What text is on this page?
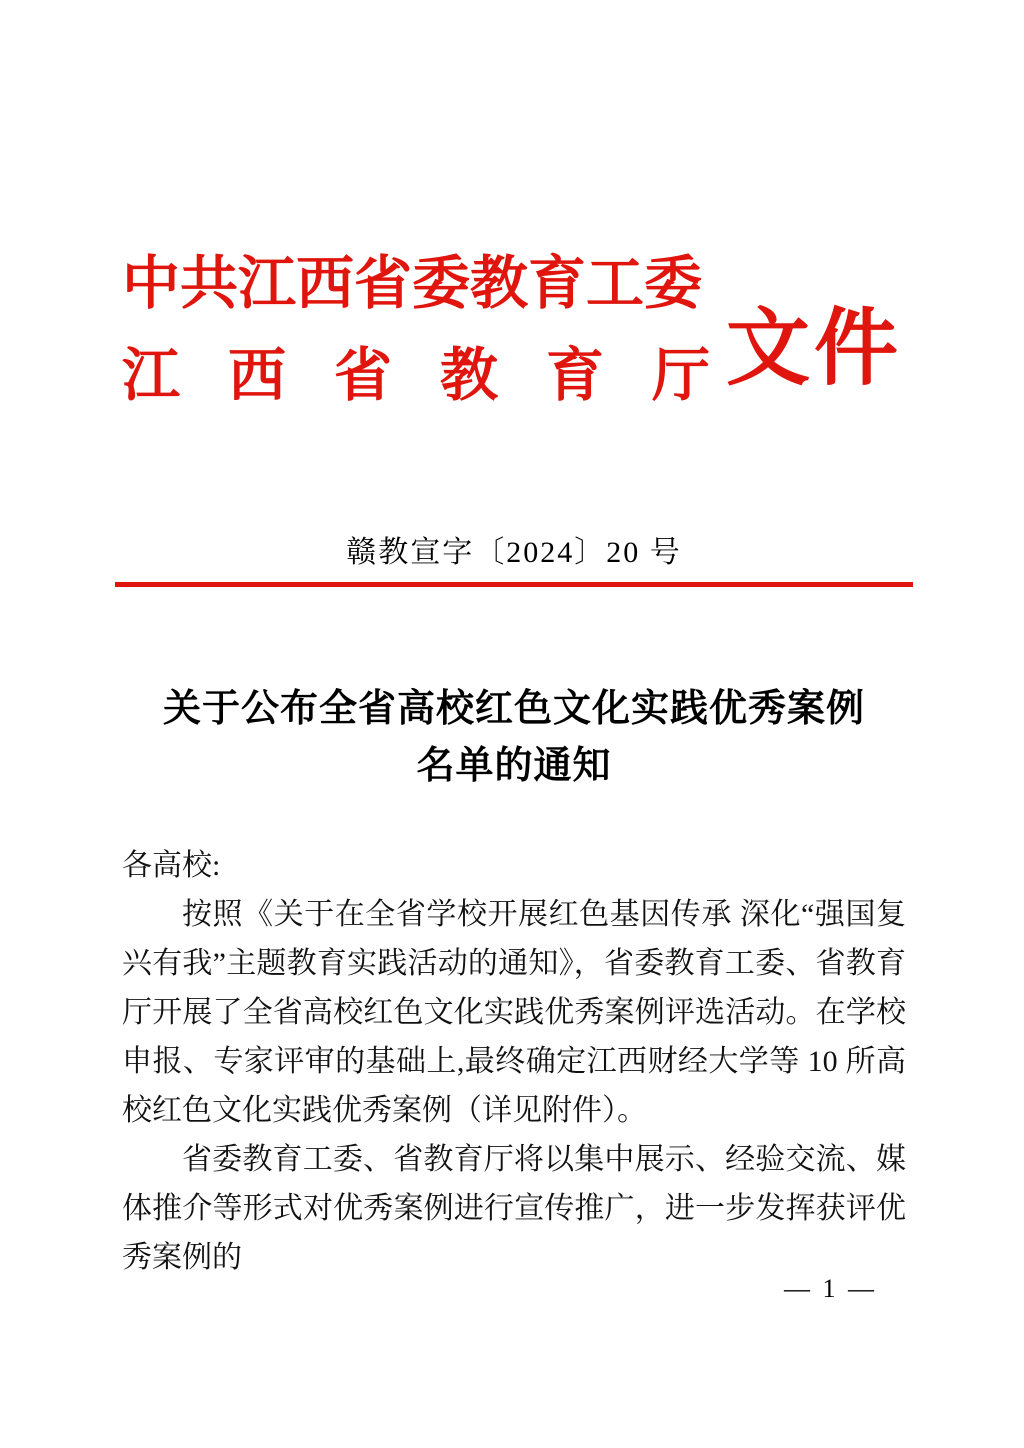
中共江西省委教育工委
江西省教育厅 文件
赣教宣字〔2024〕20 号
关于公布全省高校红色文化实践优秀案例
名单的通知

各高校:

按照《关于在全省学校开展红色基因传承 深化“强国复兴有我”主题教育实践活动的通知》，省委教育工委、省教育厅开展了全省高校红色文化实践优秀案例评选活动。在学校申报、专家评审的基础上,最终确定江西财经大学等 10 所高校红色文化实践优秀案例（详见附件）。

省委教育工委、省教育厅将以集中展示、经验交流、媒体推介等形式对优秀案例进行宣传推广，进一步发挥获评优秀案例的

— 1 —
